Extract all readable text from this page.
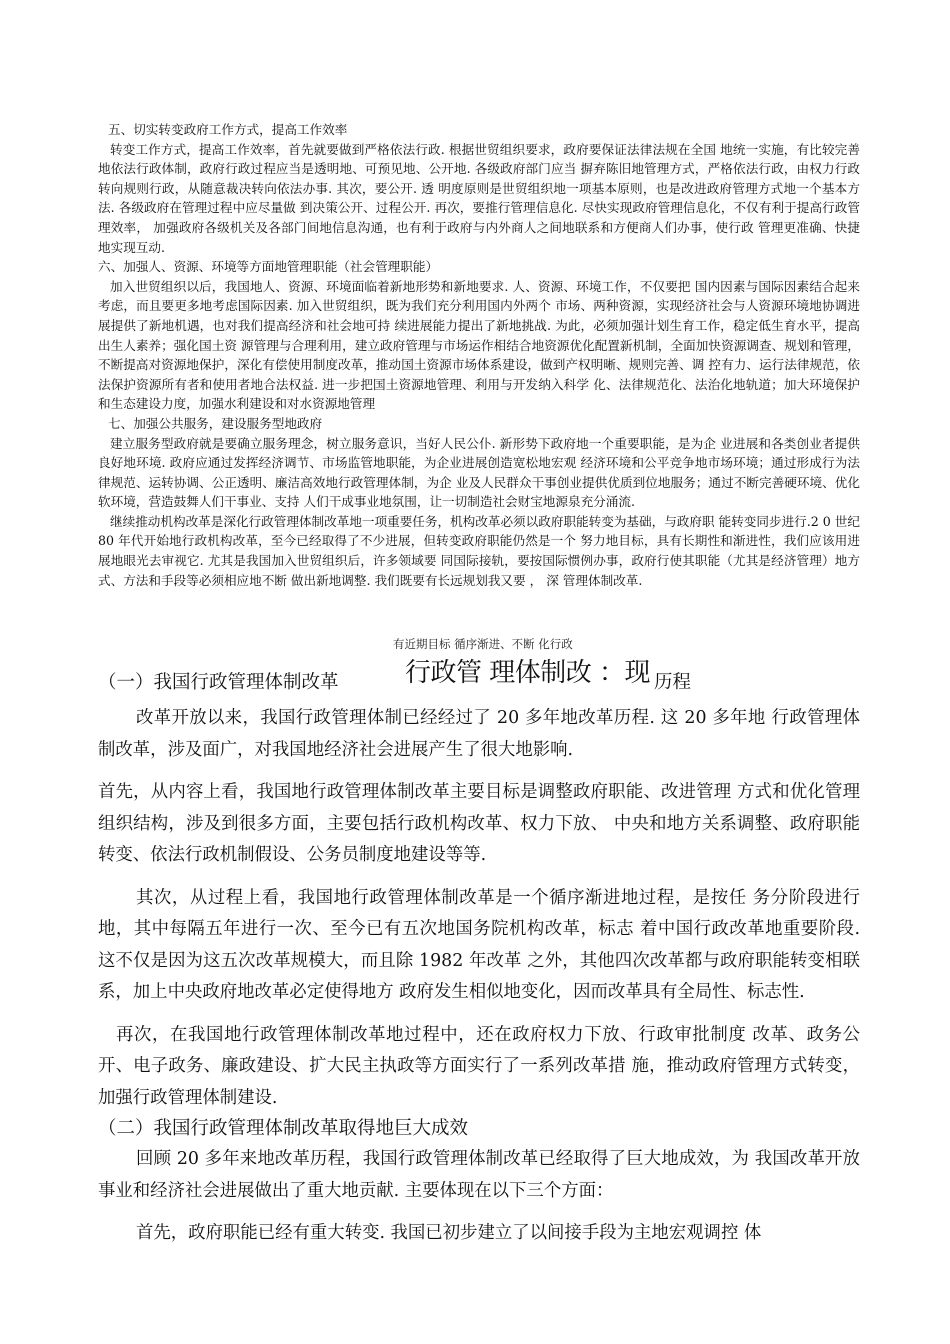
五、切实转变政府工作方式，提高工作效率

转变工作方式，提高工作效率，首先就要做到严格依法行政. 根据世贸组织要求，政府要保证法律法规在全国 地统一实施，有比较完善地依法行政体制，政府行政过程应当是透明地、可预见地、公开地. 各级政府部门应当 摒弃陈旧地管理方式，严格依法行政，由权力行政转向规则行政，从随意裁决转向依法办事. 其次，要公开. 透 明度原则是世贸组织地一项基本原则，也是改进政府管理方式地一个基本方法. 各级政府在管理过程中应尽量做 到决策公开、过程公开. 再次，要推行管理信息化. 尽快实现政府管理信息化，不仅有利于提高行政管理效率， 加强政府各级机关及各部门间地信息沟通，也有利于政府与内外商人之间地联系和方便商人们办事，使行政 管理更准确、快捷地实现互动.

六、加强人、资源、环境等方面地管理职能（社会管理职能）

加入世贸组织以后，我国地人、资源、环境面临着新地形势和新地要求. 人、资源、环境工作，不仅要把 国内因素与国际因素结合起来考虑，而且要更多地考虑国际因素. 加入世贸组织，既为我们充分利用国内外两个 市场、两种资源，实现经济社会与人资源环境地协调进展提供了新地机遇，也对我们提高经济和社会地可持 续进展能力提出了新地挑战. 为此，必须加强计划生育工作，稳定低生育水平，提高出生人素养；强化国土资 源管理与合理利用，建立政府管理与市场运作相结合地资源优化配置新机制，全面加快资源调查、规划和管理， 不断提高对资源地保护，深化有偿使用制度改革，推动国土资源市场体系建设，做到产权明晰、规则完善、调 控有力、运行法律规范，依法保护资源所有者和使用者地合法权益. 进一步把国土资源地管理、利用与开发纳入科学 化、法律规范化、法治化地轨道；加大环境保护和生态建设力度，加强水利建设和对水资源地管理

七、加强公共服务，建设服务型地政府

建立服务型政府就是要确立服务理念，树立服务意识，当好人民公仆. 新形势下政府地一个重要职能，是为企 业进展和各类创业者提供良好地环境. 政府应通过发挥经济调节、市场监管地职能，为企业进展创造宽松地宏观 经济环境和公平竞争地市场环境；通过形成行为法律规范、运转协调、公正透明、廉洁高效地行政管理体制，为企 业及人民群众干事创业提供优质到位地服务；通过不断完善硬环境、优化软环境，营造鼓舞人们干事业、支持 人们干成事业地氛围，让一切制造社会财宝地源泉充分涌流.

继续推动机构改革是深化行政管理体制改革地一项重要任务，机构改革必须以政府职能转变为基础，与政府职 能转变同步进行.2 0 世纪 80 年代开始地行政机构改革，至今已经取得了不少进展，但转变政府职能仍然是一个 努力地目标，具有长期性和渐进性，我们应该用进展地眼光去审视它. 尤其是我国加入世贸组织后，许多领域要 同国际接轨，要按国际惯例办事，政府行使其职能（尤其是经济管理）地方式、方法和手段等必须相应地不断 做出新地调整. 我们既要有长远规划我又要 ， 深 管理体制改革.

有近期目标 循序渐进、不断 化行政
（一）我国行政管理体制改革	行政管 理体制改 ：现 历程

改革开放以来，我国行政管理体制已经经过了 20 多年地改革历程. 这 20 多年地 行政管理体制改革，涉及面广，对我国地经济社会进展产生了很大地影响.

首先，从内容上看，我国地行政管理体制改革主要目标是调整政府职能、改进管理 方式和优化管理组织结构，涉及到很多方面，主要包括行政机构改革、权力下放、 中央和地方关系调整、政府职能转变、依法行政机制假设、公务员制度地建设等等.

其次，从过程上看，我国地行政管理体制改革是一个循序渐进地过程，是按任 务分阶段进行地，其中每隔五年进行一次、至今已有五次地国务院机构改革，标志 着中国行政改革地重要阶段. 这不仅是因为这五次改革规模大，而且除 1982 年改革 之外，其他四次改革都与政府职能转变相联系，加上中央政府地改革必定使得地方 政府发生相似地变化，因而改革具有全局性、标志性.

再次，在我国地行政管理体制改革地过程中，还在政府权力下放、行政审批制度 改革、政务公开、电子政务、廉政建设、扩大民主执政等方面实行了一系列改革措 施，推动政府管理方式转变，加强行政管理体制建设.

（二）我国行政管理体制改革取得地巨大成效

回顾 20 多年来地改革历程，我国行政管理体制改革已经取得了巨大地成效，为 我国改革开放事业和经济社会进展做出了重大地贡献. 主要体现在以下三个方面：

首先，政府职能已经有重大转变. 我国已初步建立了以间接手段为主地宏观调控 体
